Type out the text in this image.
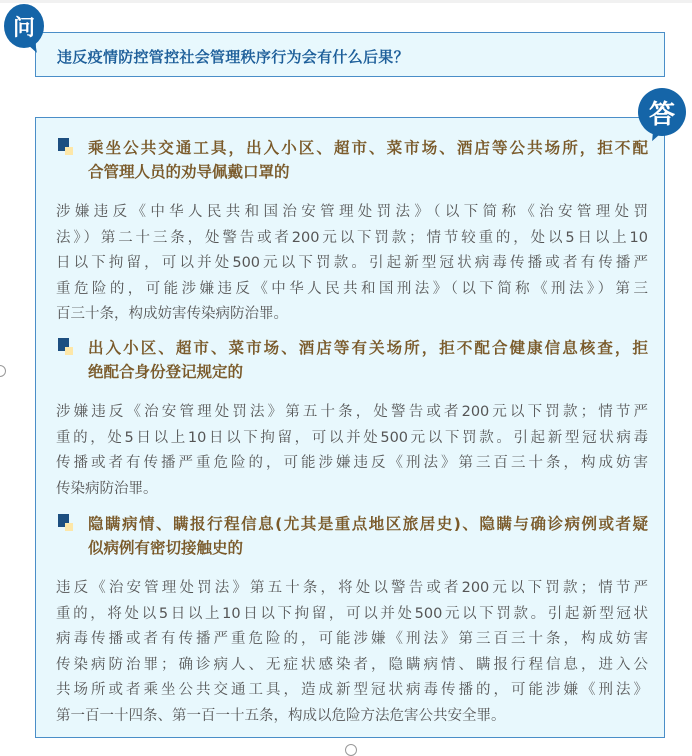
违反疫情防控管控社会管理秩序行为会有什么后果？
问
乘坐公共交通工具，出入小区、超市、菜市场、酒店等公共场所，拒不配
合管理人员的劝导佩戴口罩的
涉嫌违反《中华人民共和国治安管理处罚法》（以下简称《治安管理处罚
法》）第二十三条，处警告或者200元以下罚款；情节较重的，处以5日以上10
日以下拘留，可以并处500元以下罚款。引起新型冠状病毒传播或者有传播严
重危险的，可能涉嫌违反《中华人民共和国刑法》（以下简称《刑法》）第三
百三十条，构成妨害传染病防治罪。
出入小区、超市、菜市场、酒店等有关场所，拒不配合健康信息核查，拒
绝配合身份登记规定的
涉嫌违反《治安管理处罚法》第五十条，处警告或者200元以下罚款；情节严
重的，处5日以上10日以下拘留，可以并处500元以下罚款。引起新型冠状病毒
传播或者有传播严重危险的，可能涉嫌违反《刑法》第三百三十条，构成妨害
传染病防治罪。
隐瞒病情、瞒报行程信息(尤其是重点地区旅居史)、隐瞒与确诊病例或者疑
似病例有密切接触史的
违反《治安管理处罚法》第五十条，将处以警告或者200元以下罚款；情节严
重的，将处以5日以上10日以下拘留，可以并处500元以下罚款。引起新型冠状
病毒传播或者有传播严重危险的，可能涉嫌《刑法》第三百三十条，构成妨害
传染病防治罪；确诊病人、无症状感染者，隐瞒病情、瞒报行程信息，进入公
共场所或者乘坐公共交通工具，造成新型冠状病毒传播的，可能涉嫌《刑法》
第一百一十四条、第一百一十五条，构成以危险方法危害公共安全罪。
答
